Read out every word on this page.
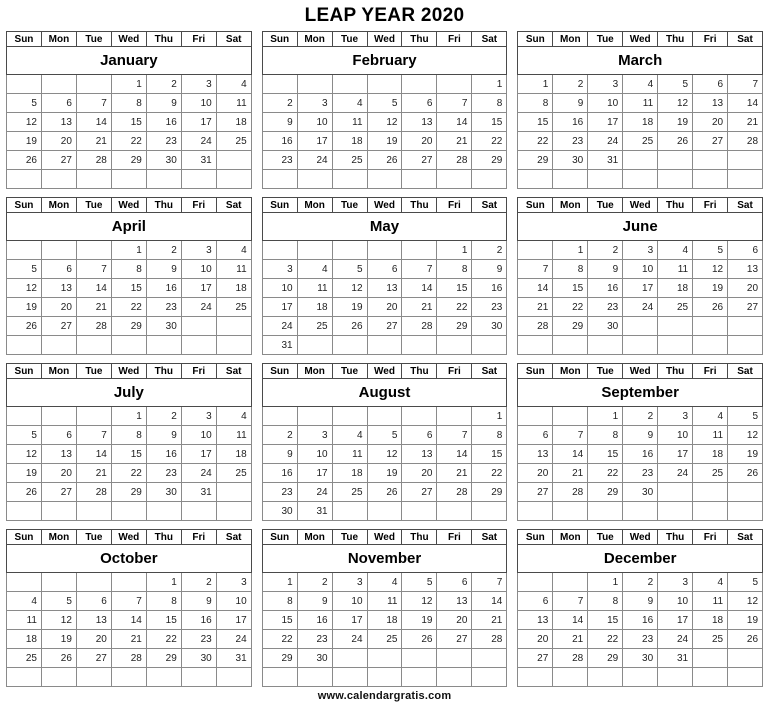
LEAP YEAR 2020
Sun	Mon	Tue	Wed	Thu	Fri	Sat
January						
			1	2	3	4
5	6	7	8	9	10	11
12	13	14	15	16	17	18
19	20	21	22	23	24	25
26	27	28	29	30	31	

Sun	Mon	Tue	Wed	Thu	Fri	Sat
February						
						1
2	3	4	5	6	7	8
9	10	11	12	13	14	15
16	17	18	19	20	21	22
23	24	25	26	27	28	29

Sun	Mon	Tue	Wed	Thu	Fri	Sat
March						
1	2	3	4	5	6	7
8	9	10	11	12	13	14
15	16	17	18	19	20	21
22	23	24	25	26	27	28
29	30	31				

Sun	Mon	Tue	Wed	Thu	Fri	Sat
April						
			1	2	3	4
5	6	7	8	9	10	11
12	13	14	15	16	17	18
19	20	21	22	23	24	25
26	27	28	29	30		

Sun	Mon	Tue	Wed	Thu	Fri	Sat
May						
					1	2
3	4	5	6	7	8	9
10	11	12	13	14	15	16
17	18	19	20	21	22	23
24	25	26	27	28	29	30
31						
Sun	Mon	Tue	Wed	Thu	Fri	Sat
June						
	1	2	3	4	5	6
7	8	9	10	11	12	13
14	15	16	17	18	19	20
21	22	23	24	25	26	27
28	29	30				

Sun	Mon	Tue	Wed	Thu	Fri	Sat
July						
			1	2	3	4
5	6	7	8	9	10	11
12	13	14	15	16	17	18
19	20	21	22	23	24	25
26	27	28	29	30	31	

Sun	Mon	Tue	Wed	Thu	Fri	Sat
August						
						1
2	3	4	5	6	7	8
9	10	11	12	13	14	15
16	17	18	19	20	21	22
23	24	25	26	27	28	29
30	31					
Sun	Mon	Tue	Wed	Thu	Fri	Sat
September						
		1	2	3	4	5
6	7	8	9	10	11	12
13	14	15	16	17	18	19
20	21	22	23	24	25	26
27	28	29	30			

Sun	Mon	Tue	Wed	Thu	Fri	Sat
October						
				1	2	3
4	5	6	7	8	9	10
11	12	13	14	15	16	17
18	19	20	21	22	23	24
25	26	27	28	29	30	31

Sun	Mon	Tue	Wed	Thu	Fri	Sat
November						
1	2	3	4	5	6	7
8	9	10	11	12	13	14
15	16	17	18	19	20	21
22	23	24	25	26	27	28
29	30					

Sun	Mon	Tue	Wed	Thu	Fri	Sat
December						
		1	2	3	4	5
6	7	8	9	10	11	12
13	14	15	16	17	18	19
20	21	22	23	24	25	26
27	28	29	30	31		

www.calendargratis.com
